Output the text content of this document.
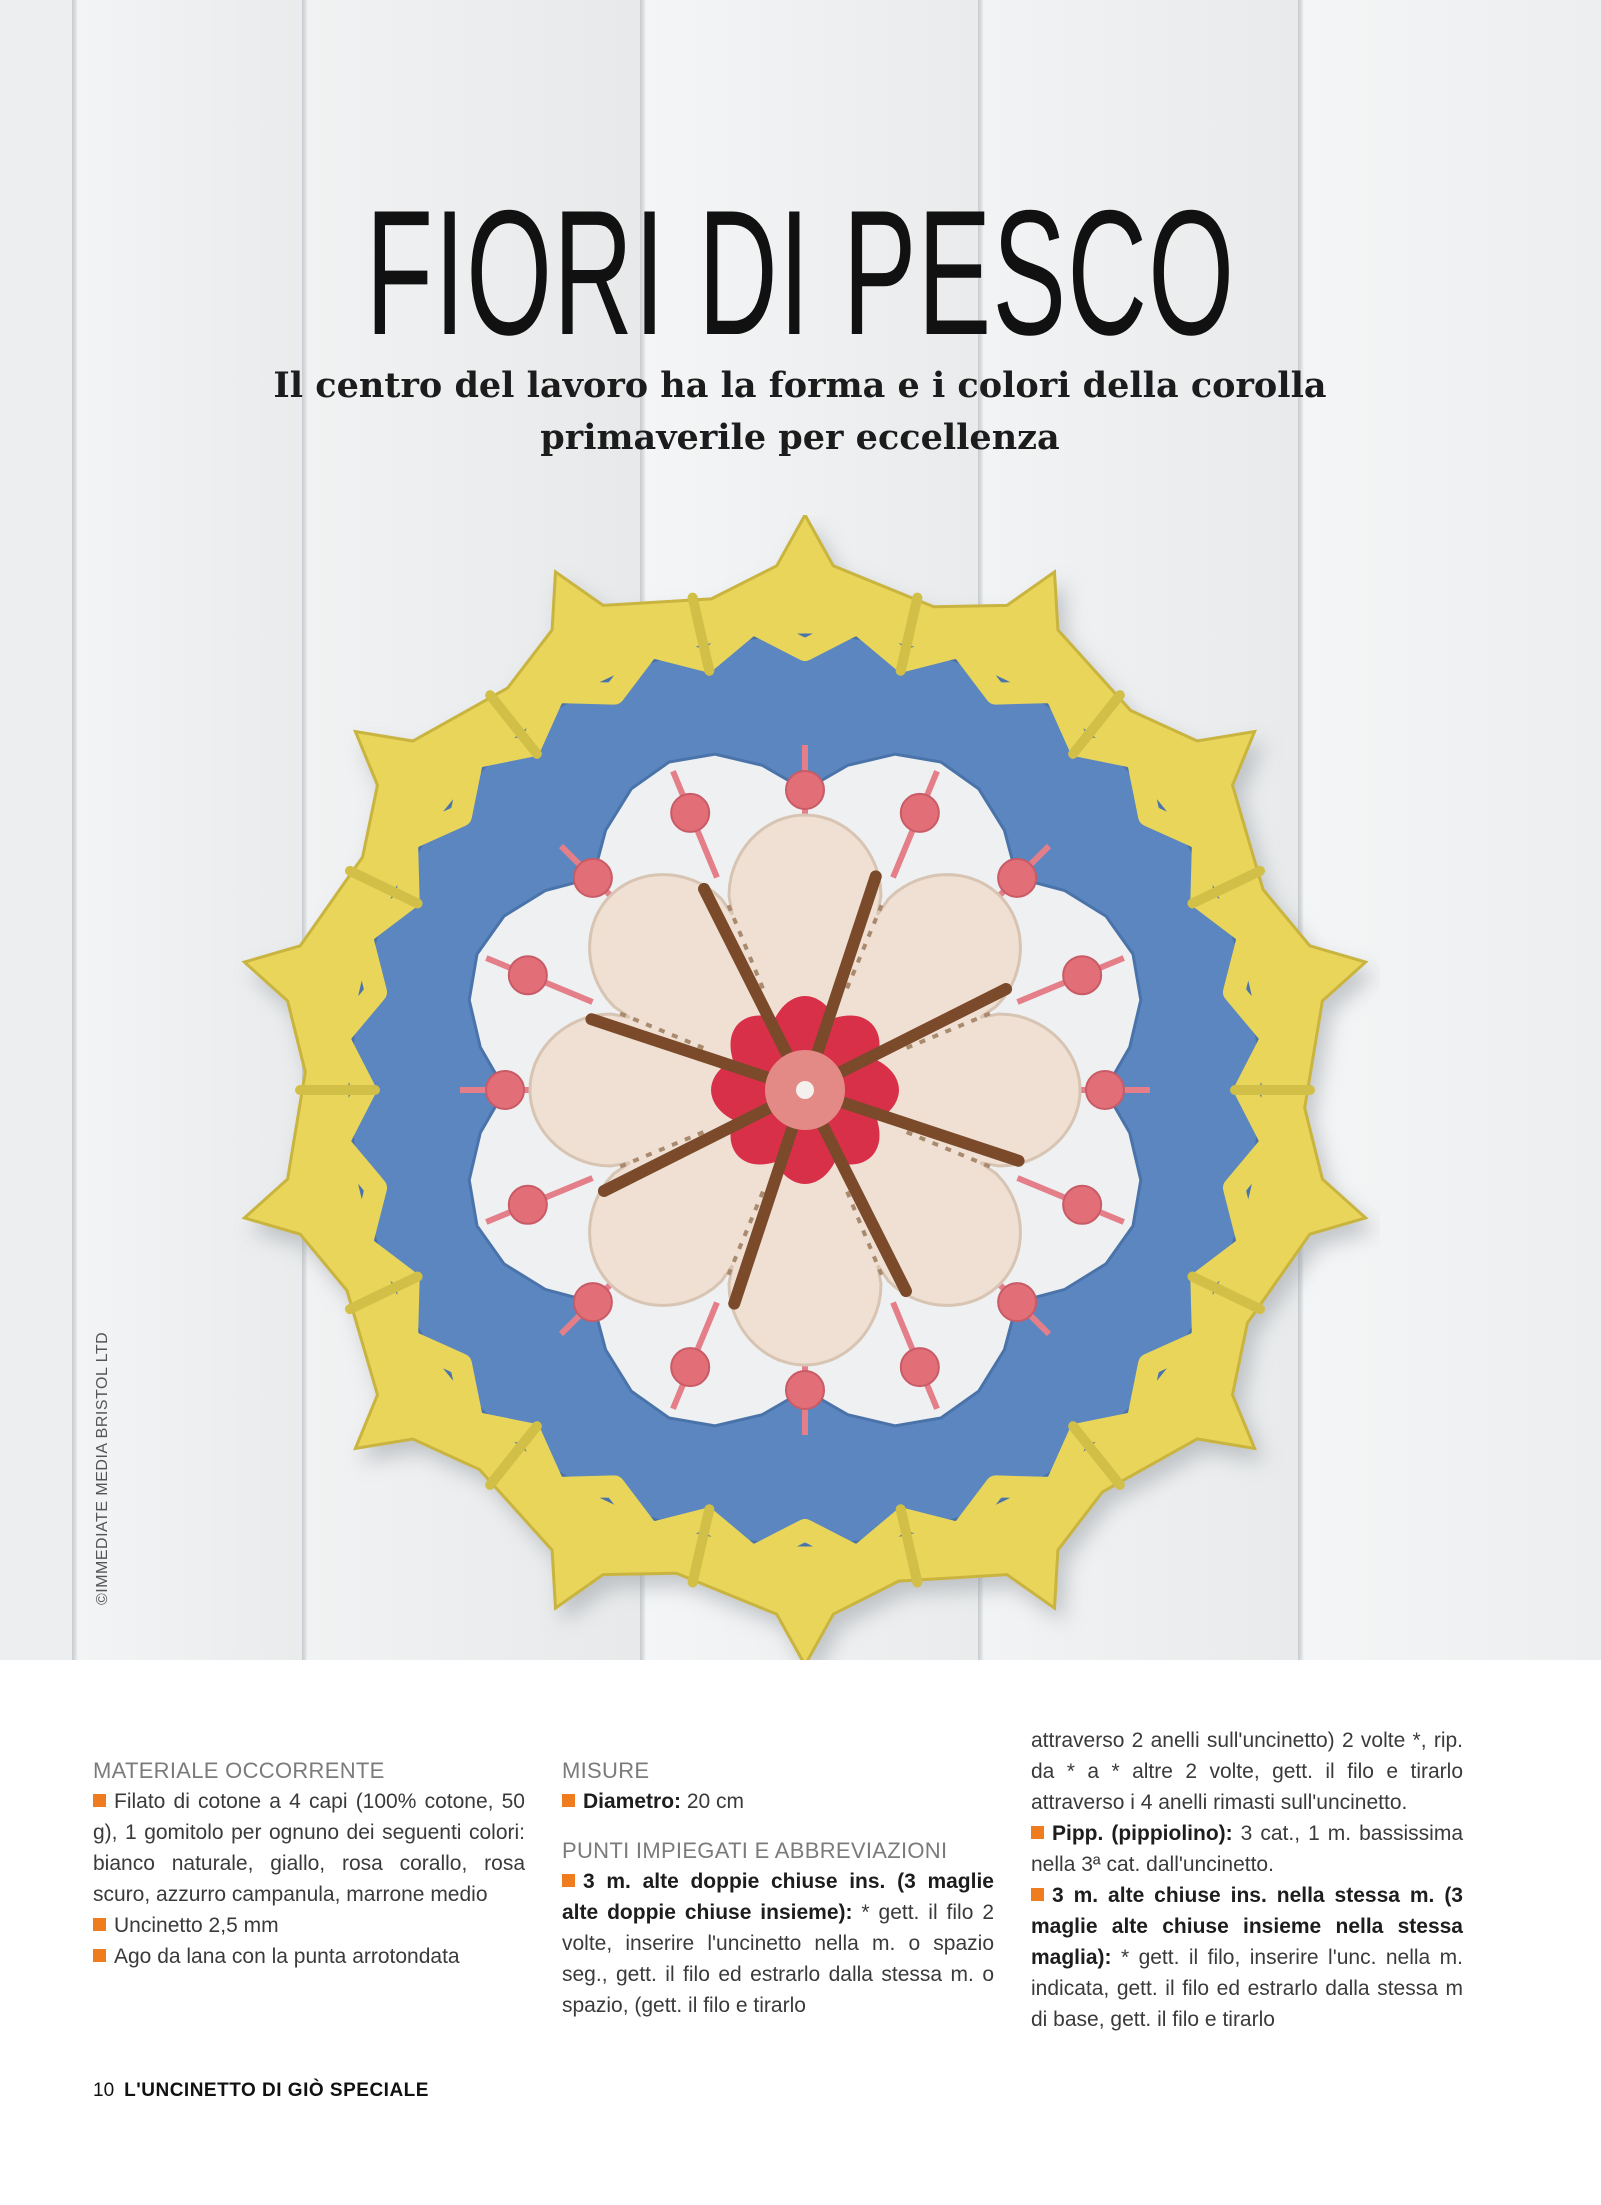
FIORI DI PESCO
Il centro del lavoro ha la forma e i colori della corolla primaverile per eccellenza
©IMMEDIATE MEDIA BRISTOL LTD

MATERIALE OCCORRENTE

Filato di cotone a 4 capi (100% cotone, 50 g), 1 gomitolo per ognuno dei seguenti colori: bianco naturale, giallo, rosa corallo, rosa scuro, azzurro campanula, marrone medio

Uncinetto 2,5 mm

Ago da lana con la punta arrotondata

MISURE

Diametro: 20 cm

PUNTI IMPIEGATI E ABBREVIAZIONI

3 m. alte doppie chiuse ins. (3 maglie alte doppie chiuse insieme): * gett. il filo 2 volte, inserire l'uncinetto nella m. o spazio seg., gett. il filo ed estrarlo dalla stessa m. o spazio, (gett. il filo e tirarlo

attraverso 2 anelli sull'uncinetto) 2 volte *, rip. da * a * altre 2 volte, gett. il filo e tirarlo attraverso i 4 anelli rimasti sull'uncinetto.

Pipp. (pippiolino): 3 cat., 1 m. bassissima nella 3ª cat. dall'uncinetto.

3 m. alte chiuse ins. nella stessa m. (3 maglie alte chiuse insieme nella stessa maglia): * gett. il filo, inserire l'unc. nella m. indicata, gett. il filo ed estrarlo dalla stessa m di base, gett. il filo e tirarlo

10 L'UNCINETTO DI GIÒ SPECIALE
